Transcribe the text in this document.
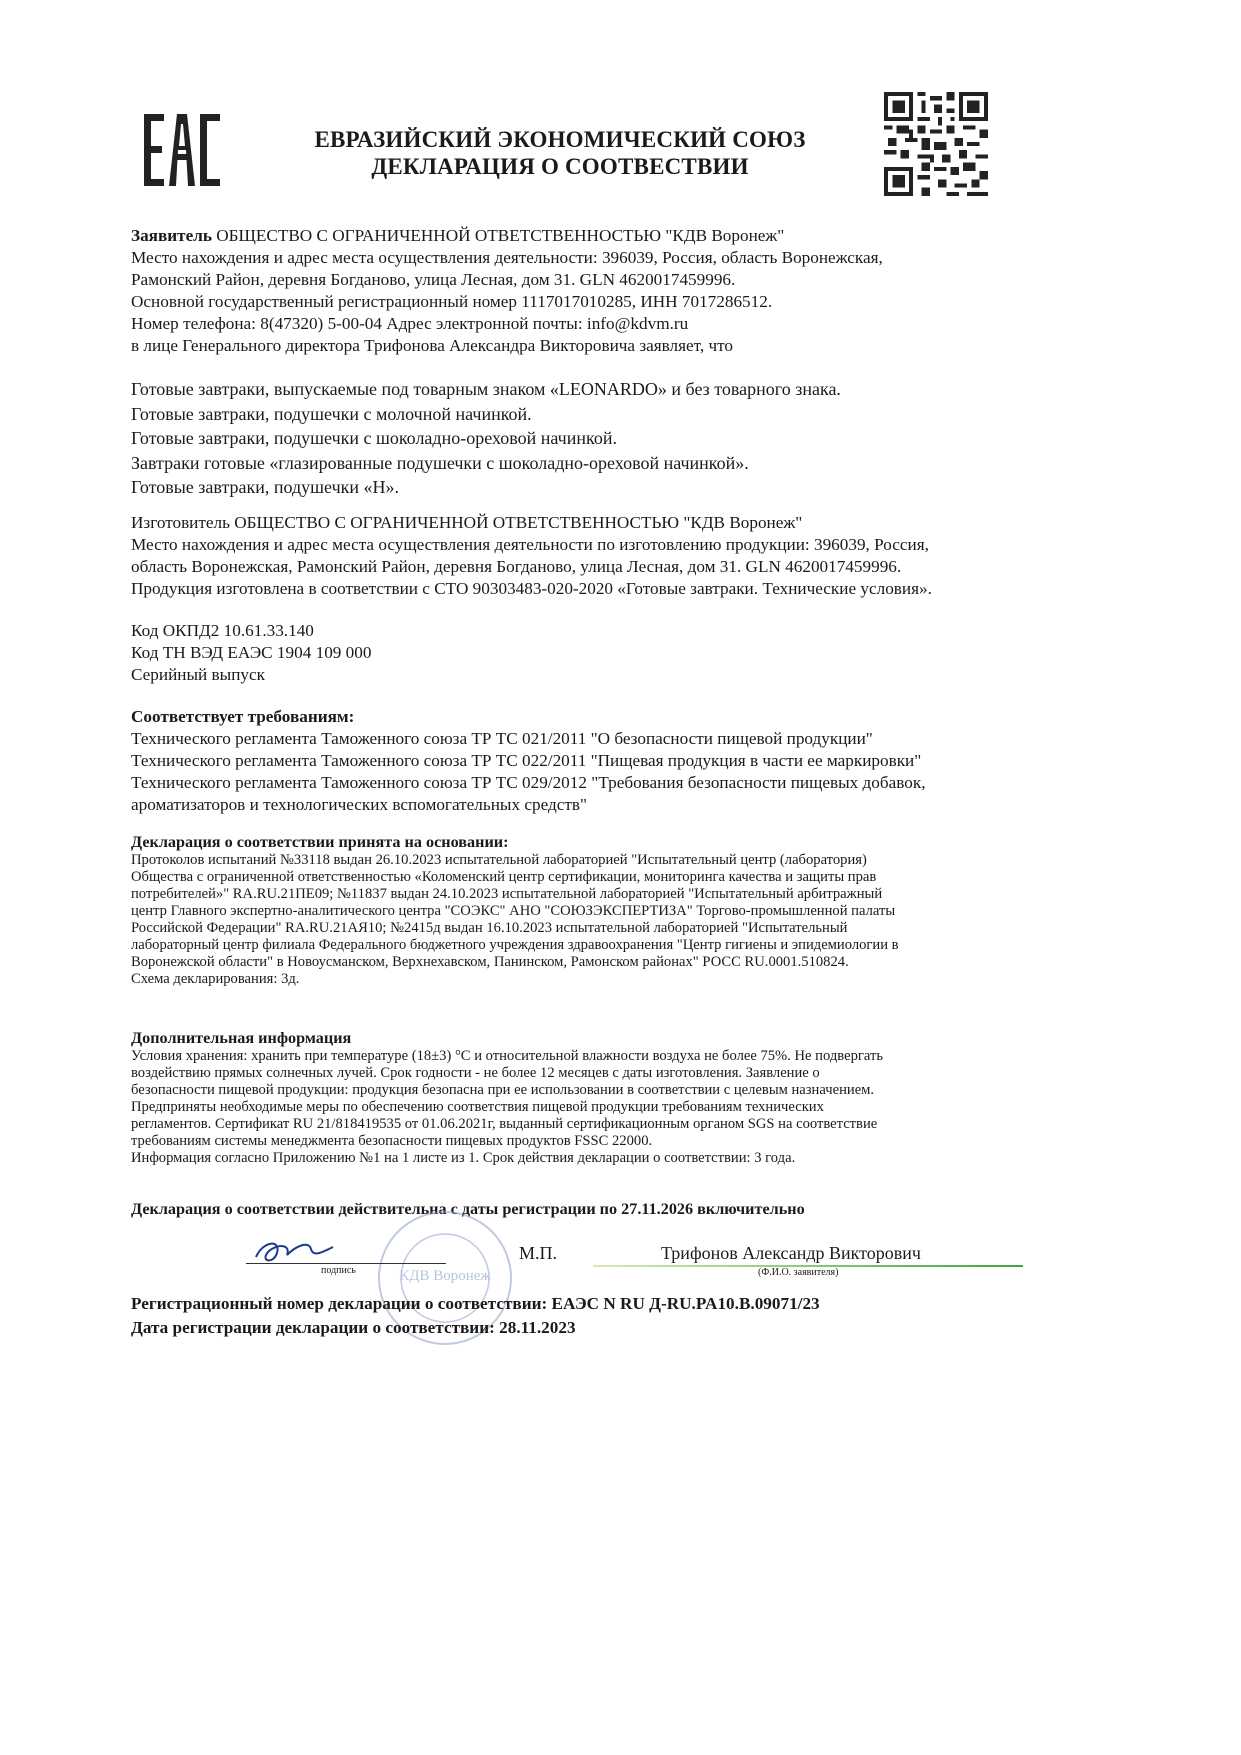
ЕВРАЗИЙСКИЙ ЭКОНОМИЧЕСКИЙ СОЮЗ
ДЕКЛАРАЦИЯ О СООТВЕСТВИИ
Заявитель ОБЩЕСТВО С ОГРАНИЧЕННОЙ ОТВЕТСТВЕННОСТЬЮ "КДВ Воронеж"
Место нахождения и адрес места осуществления деятельности: 396039, Россия, область Воронежская,
Рамонский Район, деревня Богданово, улица Лесная, дом 31. GLN 4620017459996.
Основной государственный регистрационный номер 1117017010285, ИНН 7017286512.
Номер телефона: 8(47320) 5-00-04 Адрес электронной почты: info@kdvm.ru
в лице Генерального директора Трифонова Александра Викторовича заявляет, что
Готовые завтраки, выпускаемые под товарным знаком «LEONARDO» и без товарного знака.
Готовые завтраки, подушечки с молочной начинкой.
Готовые завтраки, подушечки с шоколадно-ореховой начинкой.
Завтраки готовые «глазированные подушечки с шоколадно-ореховой начинкой».
Готовые завтраки, подушечки «Н».
Изготовитель ОБЩЕСТВО С ОГРАНИЧЕННОЙ ОТВЕТСТВЕННОСТЬЮ "КДВ Воронеж"
Место нахождения и адрес места осуществления деятельности по изготовлению продукции: 396039, Россия,
область Воронежская, Рамонский Район, деревня Богданово, улица Лесная, дом 31. GLN 4620017459996.
Продукция изготовлена в соответствии с СТО 90303483-020-2020 «Готовые завтраки. Технические условия».
Код ОКПД2 10.61.33.140
Код ТН ВЭД ЕАЭС 1904 109 000
Серийный выпуск
Соответствует требованиям:
Технического регламента Таможенного союза ТР ТС 021/2011 "О безопасности пищевой продукции"
Технического регламента Таможенного союза ТР ТС 022/2011 "Пищевая продукция в части ее маркировки"
Технического регламента Таможенного союза ТР ТС 029/2012 "Требования безопасности пищевых добавок,
ароматизаторов и технологических вспомогательных средств"
Декларация о соответствии принята на основании:
Протоколов испытаний №33118 выдан 26.10.2023 испытательной лабораторией "Испытательный центр (лаборатория)
Общества с ограниченной ответственностью «Коломенский центр сертификации, мониторинга качества и защиты прав
потребителей»" RA.RU.21ПЕ09; №11837 выдан 24.10.2023 испытательной лабораторией "Испытательный арбитражный
центр Главного экспертно-аналитического центра "СОЭКС" АНО "СОЮЗЭКСПЕРТИЗА" Торгово-промышленной палаты
Российской Федерации" RA.RU.21АЯ10; №2415д выдан 16.10.2023 испытательной лабораторией "Испытательный
лабораторный центр филиала Федерального бюджетного учреждения здравоохранения "Центр гигиены и эпидемиологии в
Воронежской области" в Новоусманском, Верхнехавском, Панинском, Рамонском районах" РОСС RU.0001.510824.
Схема декларирования: 3д.
Дополнительная информация
Условия хранения: хранить при температуре (18±3) °С и относительной влажности воздуха не более 75%. Не подвергать
воздействию прямых солнечных лучей. Срок годности - не более 12 месяцев с даты изготовления. Заявление о
безопасности пищевой продукции: продукция безопасна при ее использовании в соответствии с целевым назначением.
Предприняты необходимые меры по обеспечению соответствия пищевой продукции требованиям технических
регламентов. Сертификат RU 21/818419535 от 01.06.2021г, выданный сертификационным органом SGS на соответствие
требованиям системы менеджмента безопасности пищевых продуктов FSSC 22000.
Информация согласно Приложению №1 на 1 листе из 1. Срок действия декларации о соответствии: 3 года.
Декларация о соответствии действительна с даты регистрации по 27.11.2026 включительно
КДВ Воронеж
подпись
М.П.	Трифонов Александр Викторович
(Ф.И.О. заявителя)
Регистрационный номер декларации о соответствии: ЕАЭС N RU Д-RU.PA10.B.09071/23
Дата регистрации декларации о соответствии: 28.11.2023
